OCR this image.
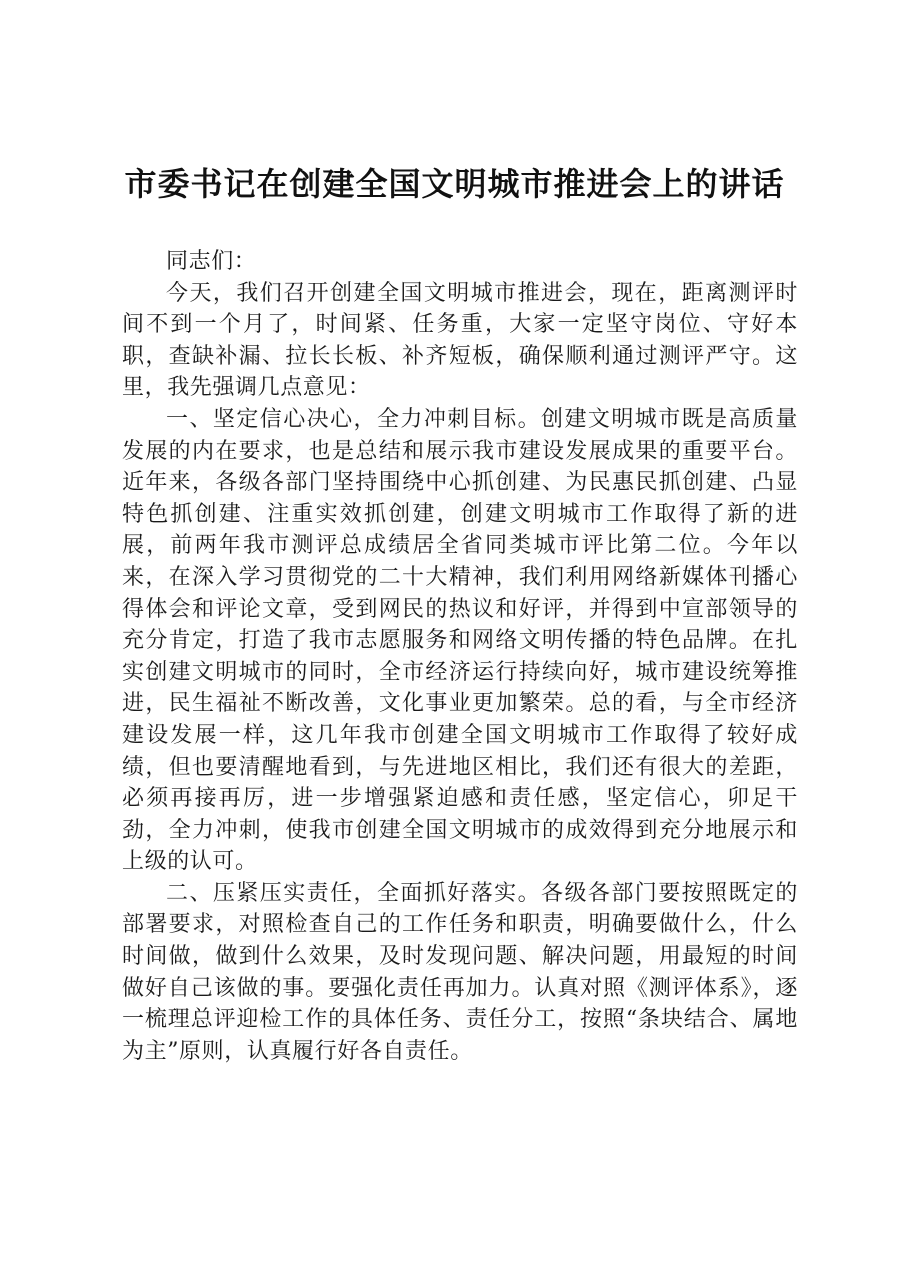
市委书记在创建全国文明城市推进会上的讲话

同志们：

今天，我们召开创建全国文明城市推进会，现在，距离测评时间不到一个月了，时间紧、任务重，大家一定坚守岗位、守好本职，查缺补漏、拉长长板、补齐短板，确保顺利通过测评严守。这里，我先强调几点意见：

一、坚定信心决心，全力冲刺目标。创建文明城市既是高质量发展的内在要求，也是总结和展示我市建设发展成果的重要平台。近年来，各级各部门坚持围绕中心抓创建、为民惠民抓创建、凸显特色抓创建、注重实效抓创建，创建文明城市工作取得了新的进展，前两年我市测评总成绩居全省同类城市评比第二位。今年以来，在深入学习贯彻党的二十大精神，我们利用网络新媒体刊播心得体会和评论文章，受到网民的热议和好评，并得到中宣部领导的充分肯定，打造了我市志愿服务和网络文明传播的特色品牌。在扎实创建文明城市的同时，全市经济运行持续向好，城市建设统筹推进，民生福祉不断改善，文化事业更加繁荣。总的看，与全市经济建设发展一样，这几年我市创建全国文明城市工作取得了较好成绩，但也要清醒地看到，与先进地区相比，我们还有很大的差距，必须再接再厉，进一步增强紧迫感和责任感，坚定信心，卯足干劲，全力冲刺，使我市创建全国文明城市的成效得到充分地展示和上级的认可。

二、压紧压实责任，全面抓好落实。各级各部门要按照既定的部署要求，对照检查自己的工作任务和职责，明确要做什么，什么时间做，做到什么效果，及时发现问题、解决问题，用最短的时间做好自己该做的事。要强化责任再加力。认真对照《测评体系》，逐一梳理总评迎检工作的具体任务、责任分工，按照“条块结合、属地为主”原则，认真履行好各自责任。
